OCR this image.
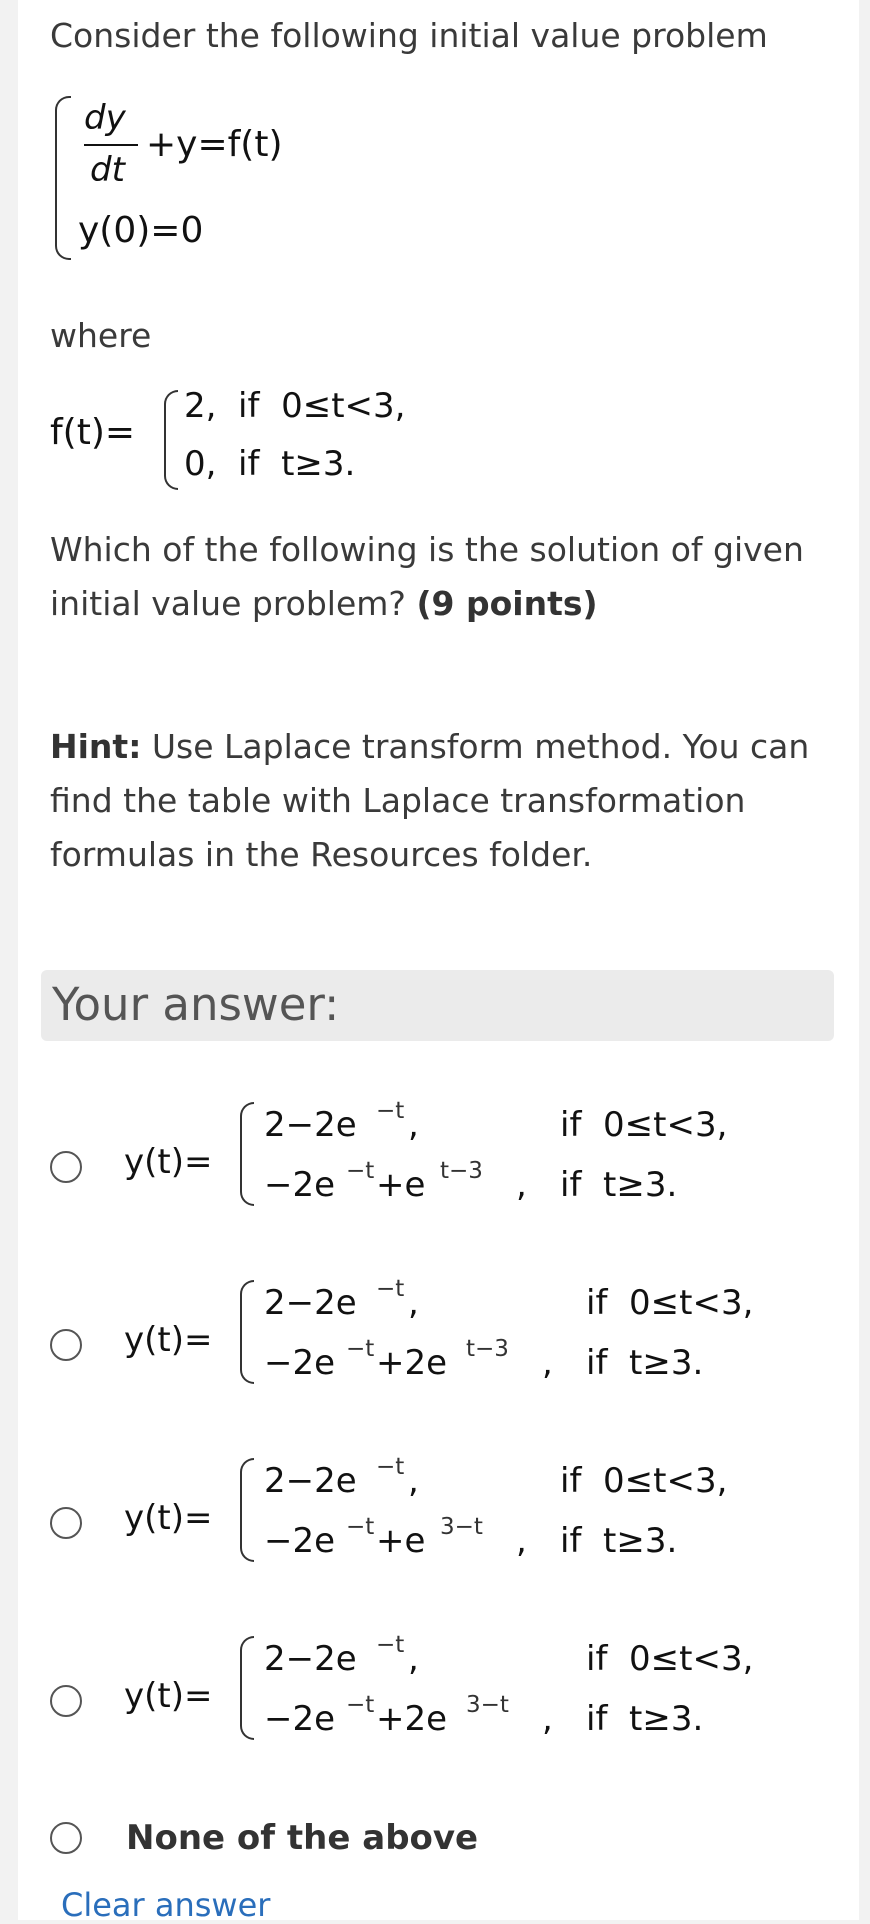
Consider the following initial value problem
dy
dt
+y=f(t)
y(0)=0
where
f(t)=
2,  if  0≤t<3,
0,  if  t≥3.
Which of the following is the solution of given initial value problem? (9 points)
Hint: Use Laplace transform method. You can find the table with Laplace transformation formulas in the Resources folder.
Your answer:
y(t)=
2−2e −t ,	if  0≤t<3,
−2e −t +e t−3 , if  t≥3.
y(t)=
2−2e −t ,	if  0≤t<3,
−2e −t +2e t−3 , if  t≥3.
y(t)=
2−2e −t ,	if  0≤t<3,
−2e −t +e 3−t , if  t≥3.
y(t)=
2−2e −t ,	if  0≤t<3,
−2e −t +2e 3−t , if  t≥3.
None of the above
Clear answer
